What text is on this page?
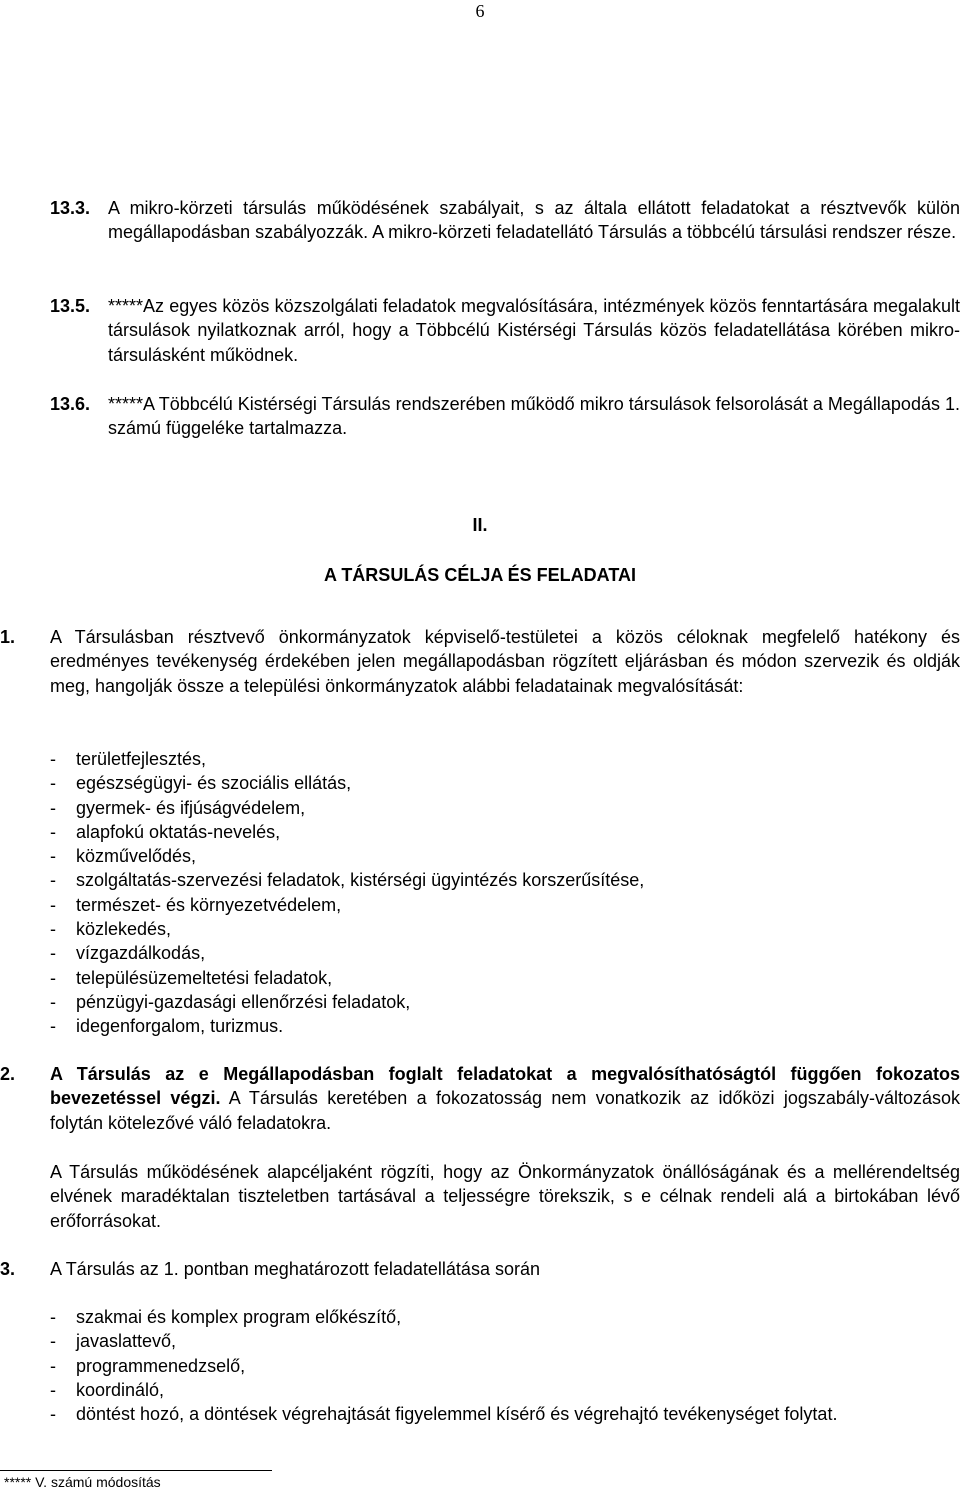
6
13.3. A mikro-körzeti társulás működésének szabályait, s az általa ellátott feladatokat a résztvevők külön megállapodásban szabályozzák. A mikro-körzeti feladatellátó Társulás a többcélú társulási rendszer része.
13.5. *****Az egyes közös közszolgálati feladatok megvalósítására, intézmények közös fenntartására megalakult társulások nyilatkoznak arról, hogy a Többcélú Kistérségi Társulás közös feladatellátása körében mikro-társulásként működnek.
13.6. *****A Többcélú Kistérségi Társulás rendszerében működő mikro társulások felsorolását a Megállapodás 1. számú függeléke tartalmazza.
II.
A TÁRSULÁS CÉLJA ÉS FELADATAI
1. A Társulásban résztvevő önkormányzatok képviselő-testületei a közös céloknak megfelelő hatékony és eredményes tevékenység érdekében jelen megállapodásban rögzített eljárásban és módon szervezik és oldják meg, hangolják össze a települési önkormányzatok alábbi feladatainak megvalósítását:
- területfejlesztés,
- egészségügyi- és szociális ellátás,
- gyermek- és ifjúságvédelem,
- alapfokú oktatás-nevelés,
- közművelődés,
- szolgáltatás-szervezési feladatok, kistérségi ügyintézés korszerűsítése,
- természet- és környezetvédelem,
- közlekedés,
- vízgazdálkodás,
- településüzemeltetési feladatok,
- pénzügyi-gazdasági ellenőrzési feladatok,
- idegenforgalom, turizmus.
2. A Társulás az e Megállapodásban foglalt feladatokat a megvalósíthatóságtól függően fokozatos bevezetéssel végzi. A Társulás keretében a fokozatosság nem vonatkozik az időközi jogszabály-változások folytán kötelezővé váló feladatokra.
A Társulás működésének alapcéljaként rögzíti, hogy az Önkormányzatok önállóságának és a mellérendeltség elvének maradéktalan tiszteletben tartásával a teljességre törekszik, s e célnak rendeli alá a birtokában lévő erőforrásokat.
3. A Társulás az 1. pontban meghatározott feladatellátása során
- szakmai és komplex program előkészítő,
- javaslattevő,
- programmenedzselő,
- koordináló,
- döntést hozó, a döntések végrehajtását figyelemmel kísérő és végrehajtó tevékenységet folytat.
***** V. számú módosítás
